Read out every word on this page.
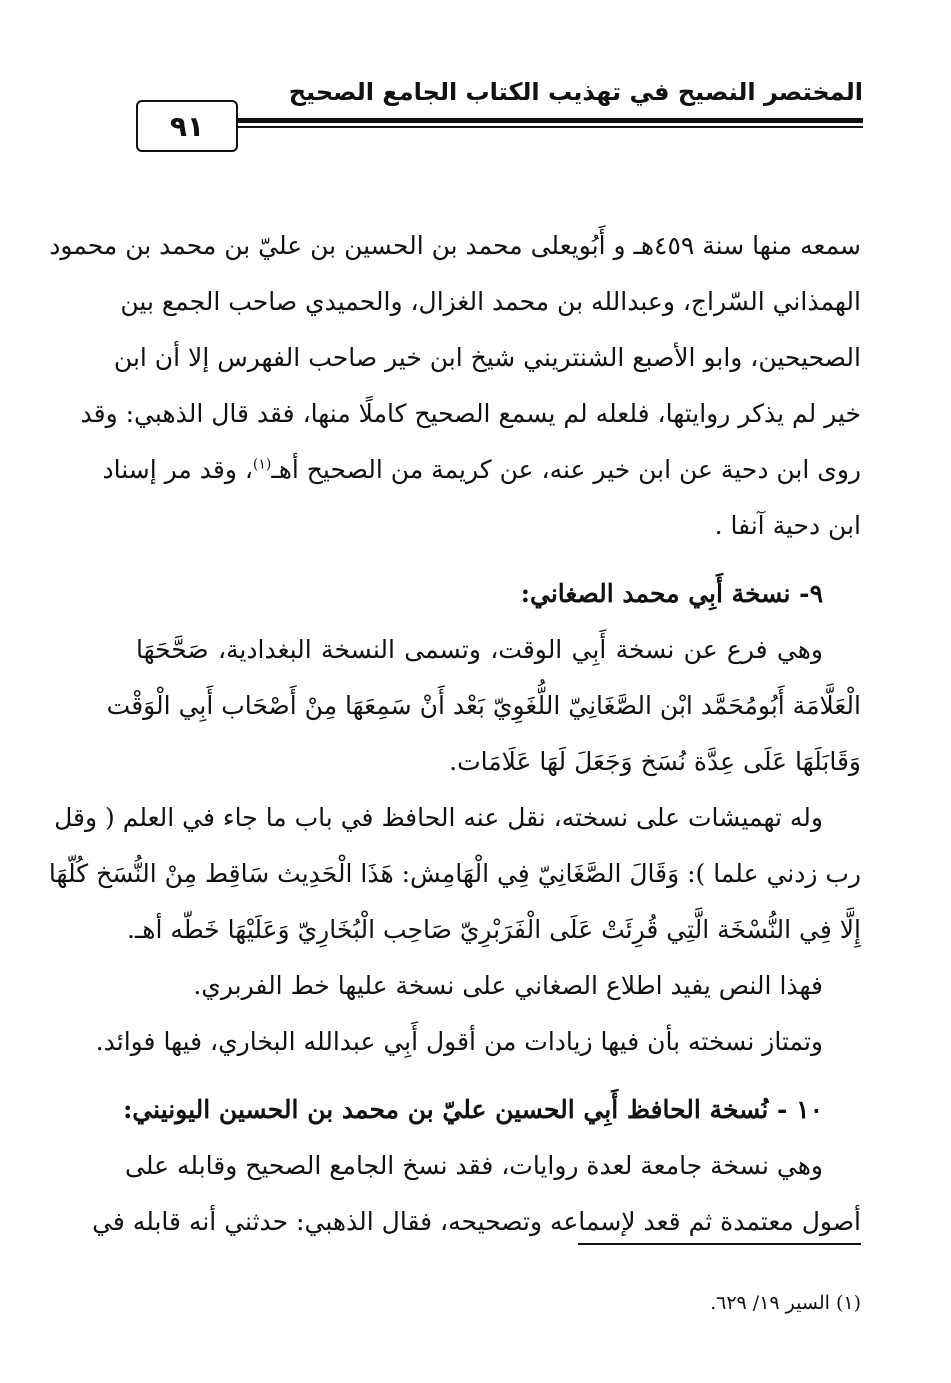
المختصر النصيح في تهذيب الكتاب الجامع الصحيح
٩١
سمعه منها سنة ٤٥٩هـ و أَبُويعلى محمد بن الحسين بن عليّ بن محمد بن محمود
الهمذاني السّراج، وعبدالله بن محمد الغزال، والحميدي صاحب الجمع بين
الصحيحين، وابو الأصبع الشنتريني شيخ ابن خير صاحب الفهرس إلا أن ابن
خير لم يذكر روايتها، فلعله لم يسمع الصحيح كاملًا منها، فقد قال الذهبي: وقد
روى ابن دحية عن ابن خير عنه، عن كريمة من الصحيح أهـ$^{(١)}$، وقد مر إسناد
ابن دحية آنفا .
٩- نسخة أَبِي محمد الصغاني:
وهي فرع عن نسخة أَبِي الوقت، وتسمى النسخة البغدادية، صَحَّحَهَا
الْعَلَّامَة أَبُومُحَمَّد ابْن الصَّغَانِيّ اللُّغَوِيّ بَعْد أَنْ سَمِعَهَا مِنْ أَصْحَاب أَبِي الْوَقْت
وَقَابَلَهَا عَلَى عِدَّة نُسَخ وَجَعَلَ لَهَا عَلَامَات.
وله تهميشات على نسخته، نقل عنه الحافظ في باب ما جاء في العلم ( وقل
رب زدني علما ): وَقَالَ الصَّغَانِيّ فِي الْهَامِش: هَذَا الْحَدِيث سَاقِط مِنْ النُّسَخ كُلّهَا
إِلَّا فِي النُّسْخَة الَّتِي قُرِئَتْ عَلَى الْفَرَبْرِيّ صَاحِب الْبُخَارِيّ وَعَلَيْهَا خَطّه أهـ.
فهذا النص يفيد اطلاع الصغاني على نسخة عليها خط الفربري.
وتمتاز نسخته بأن فيها زيادات من أقول أَبِي عبدالله البخاري، فيها فوائد.
١٠ - نُسخة الحافظ أَبِي الحسين عليّ بن محمد بن الحسين اليونيني:
وهي نسخة جامعة لعدة روايات، فقد نسخ الجامع الصحيح وقابله على
أصول معتمدة ثم قعد لإسماعه وتصحيحه، فقال الذهبي: حدثني أنه قابله في
(١) السير ١٩/ ٦٢٩.
